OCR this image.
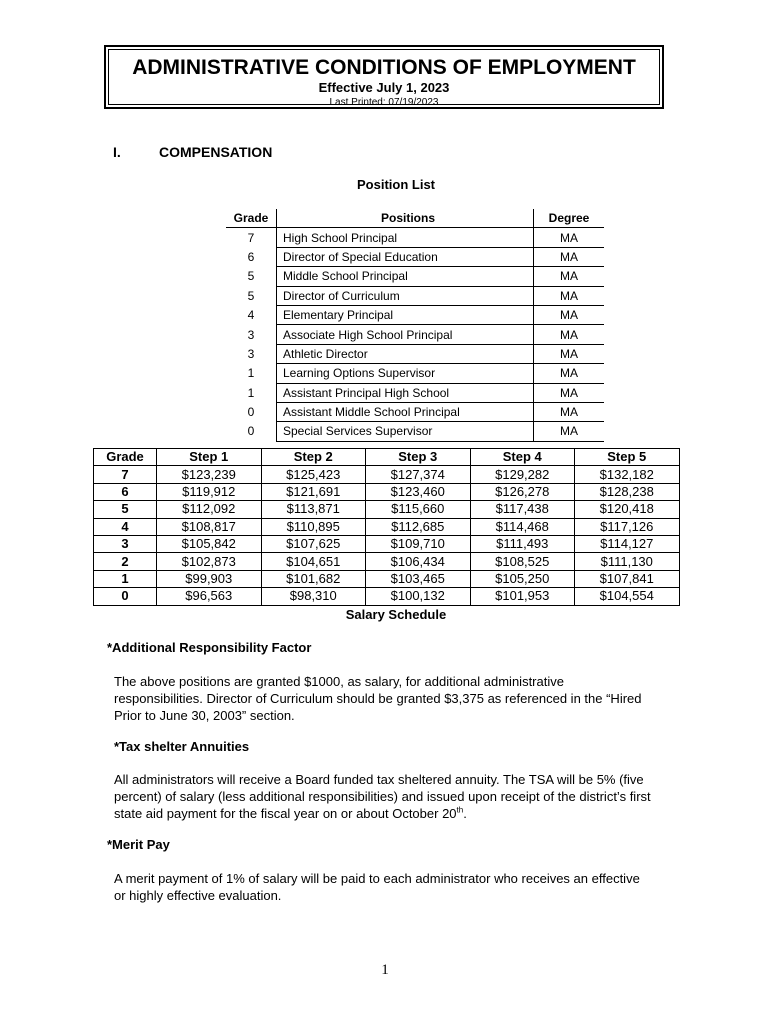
ADMINISTRATIVE CONDITIONS OF EMPLOYMENT
Effective July 1, 2023
Last Printed: 07/19/2023
I.	COMPENSATION
Position List
Grade	Positions	Degree
7	High School Principal	MA
6	Director of Special Education	MA
5	Middle School Principal	MA
5	Director of Curriculum	MA
4	Elementary Principal	MA
3	Associate High School Principal	MA
3	Athletic Director	MA
1	Learning Options Supervisor	MA
1	Assistant Principal High School	MA
0	Assistant Middle School Principal	MA
0	Special Services Supervisor	MA
Grade	Step 1	Step 2	Step 3	Step 4	Step 5
7	$123,239	$125,423	$127,374	$129,282	$132,182
6	$119,912	$121,691	$123,460	$126,278	$128,238
5	$112,092	$113,871	$115,660	$117,438	$120,418
4	$108,817	$110,895	$112,685	$114,468	$117,126
3	$105,842	$107,625	$109,710	$111,493	$114,127
2	$102,873	$104,651	$106,434	$108,525	$111,130
1	$99,903	$101,682	$103,465	$105,250	$107,841
0	$96,563	$98,310	$100,132	$101,953	$104,554
Salary Schedule
*Additional Responsibility Factor
The above positions are granted $1000, as salary, for additional administrative responsibilities. Director of Curriculum should be granted $3,375 as referenced in the “Hired Prior to June 30, 2003” section.
*Tax shelter Annuities
All administrators will receive a Board funded tax sheltered annuity. The TSA will be 5% (five percent) of salary (less additional responsibilities) and issued upon receipt of the district’s first state aid payment for the fiscal year on or about October 20th.
*Merit Pay
A merit payment of 1% of salary will be paid to each administrator who receives an effective or highly effective evaluation.
1
